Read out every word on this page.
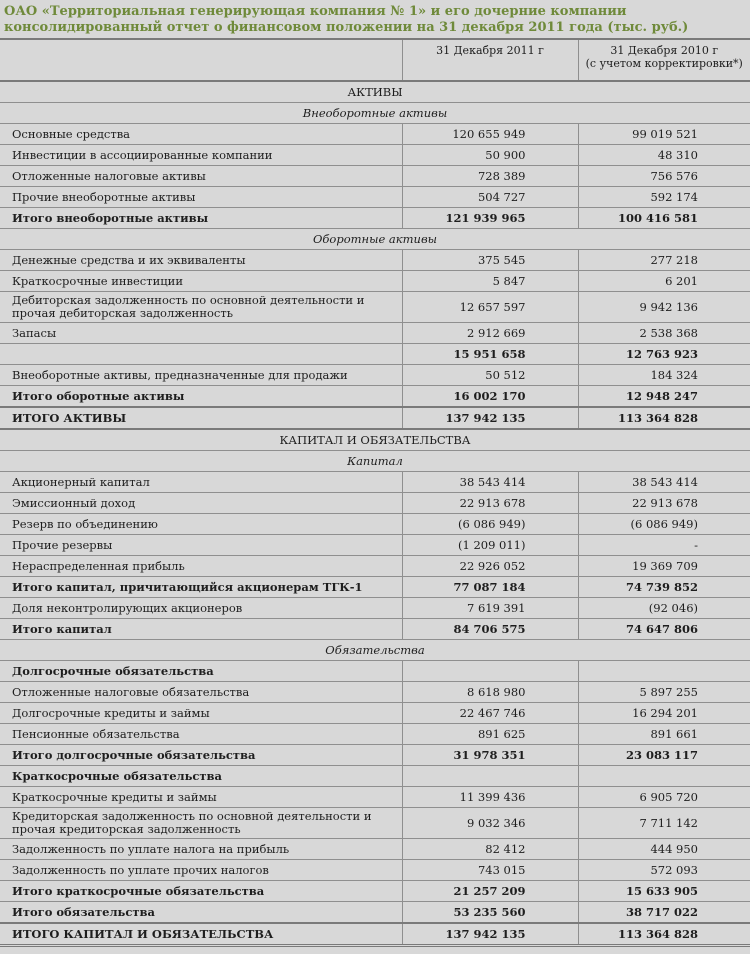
ОАО «Территориальная генерирующая компания № 1» и его дочерние компании
консолидированный отчет о финансовом положении на 31 декабря 2011 года (тыс. руб.)
	31 Декабря 2011 г	31 Декабря 2010 г
(с учетом корректировки*)
АКТИВЫ		
Внеоборотные активы		
Основные средства	120 655 949	99 019 521
Инвестиции в ассоциированные компании	50 900	48 310
Отложенные налоговые активы	728 389	756 576
Прочие внеоборотные активы	504 727	592 174
Итого внеоборотные активы	121 939 965	100 416 581
Оборотные активы		
Денежные средства и их эквиваленты	375 545	277 218
Краткосрочные инвестиции	5 847	6 201
Дебиторская задолженность по основной деятельности и прочая дебиторская задолженность	12 657 597	9 942 136
Запасы	2 912 669	2 538 368
	15 951 658	12 763 923
Внеоборотные активы, предназначенные для продажи	50 512	184 324
Итого оборотные активы	16 002 170	12 948 247
ИТОГО АКТИВЫ	137 942 135	113 364 828
КАПИТАЛ И ОБЯЗАТЕЛЬСТВА		
Капитал		
Акционерный капитал	38 543 414	38 543 414
Эмиссионный доход	22 913 678	22 913 678
Резерв по объединению	(6 086 949)	(6 086 949)
Прочие резервы	(1 209 011)	-
Нераспределенная прибыль	22 926 052	19 369 709
Итого капитал, причитающийся акционерам ТГК-1	77 087 184	74 739 852
Доля неконтролирующих акционеров	7 619 391	(92 046)
Итого капитал	84 706 575	74 647 806
Обязательства		
Долгосрочные обязательства		
Отложенные налоговые обязательства	8 618 980	5 897 255
Долгосрочные кредиты и займы	22 467 746	16 294 201
Пенсионные обязательства	891 625	891 661
Итого долгосрочные обязательства	31 978 351	23 083 117
Краткосрочные обязательства		
Краткосрочные кредиты и займы	11 399 436	6 905 720
Кредиторская задолженность по основной деятельности и прочая кредиторская задолженность	9 032 346	7 711 142
Задолженность по уплате налога на прибыль	82 412	444 950
Задолженность по уплате прочих налогов	743 015	572 093
Итого краткосрочные обязательства	21 257 209	15 633 905
Итого обязательства	53 235 560	38 717 022
ИТОГО КАПИТАЛ И ОБЯЗАТЕЛЬСТВА	137 942 135	113 364 828
